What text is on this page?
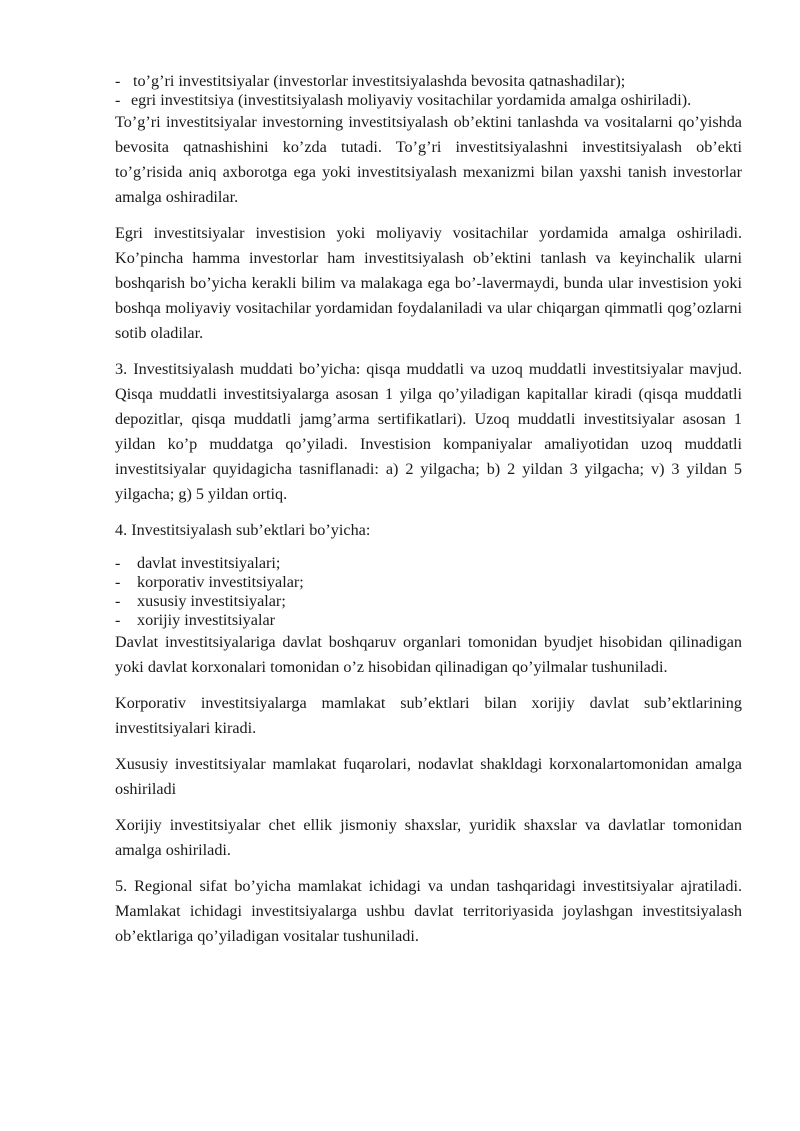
- to’g’ri investitsiyalar (investorlar investitsiyalashda bevosita qatnashadilar);

- egri investitsiya (investitsiyalash moliyaviy vositachilar yordamida amalga oshiriladi).

To’g’ri investitsiyalar investorning investitsiyalash ob’ektini tanlashda va vositalarni qo’yishda bevosita qatnashishini ko’zda tutadi. To’g’ri investitsiyalashni investitsiyalash ob’ekti to’g’risida aniq axborotga ega yoki investitsiyalash mexanizmi bilan yaxshi tanish investorlar amalga oshiradilar.

Egri investitsiyalar investision yoki moliyaviy vositachilar yordamida amalga oshiriladi. Ko’pincha hamma investorlar ham investitsiyalash ob’ektini tanlash va keyinchalik ularni boshqarish bo’yicha kerakli bilim va malakaga ega bo’-lavermaydi, bunda ular investision yoki boshqa moliyaviy vositachilar yordamidan foydalaniladi va ular chiqargan qimmatli qog’ozlarni sotib oladilar.

3. Investitsiyalash muddati bo’yicha: qisqa muddatli va uzoq muddatli investitsiyalar mavjud. Qisqa muddatli investitsiyalarga asosan 1 yilga qo’yiladigan kapitallar kiradi (qisqa muddatli depozitlar, qisqa muddatli jamg’arma sertifikatlari). Uzoq muddatli investitsiyalar asosan 1 yildan ko’p muddatga qo’yiladi. Investision kompaniyalar amaliyotidan uzoq muddatli investitsiyalar quyidagicha tasniflanadi: a) 2 yilgacha; b) 2 yildan 3 yilgacha; v) 3 yildan 5 yilgacha; g) 5 yildan ortiq.

4. Investitsiyalash sub’ektlari bo’yicha:

- davlat investitsiyalari;

- korporativ investitsiyalar;

- xususiy investitsiyalar;

- xorijiy investitsiyalar

Davlat investitsiyalariga davlat boshqaruv organlari tomonidan byudjet hisobidan qilinadigan yoki davlat korxonalari tomonidan o’z hisobidan qilinadigan qo’yilmalar tushuniladi.

Korporativ investitsiyalarga mamlakat sub’ektlari bilan xorijiy davlat sub’ektlarining investitsiyalari kiradi.

Xususiy investitsiyalar mamlakat fuqarolari, nodavlat shakldagi korxonalartomonidan amalga oshiriladi

Xorijiy investitsiyalar chet ellik jismoniy shaxslar, yuridik shaxslar va davlatlar tomonidan amalga oshiriladi.

5. Regional sifat bo’yicha mamlakat ichidagi va undan tashqaridagi investitsiyalar ajratiladi. Mamlakat ichidagi investitsiyalarga ushbu davlat territoriyasida joylashgan investitsiyalash ob’ektlariga qo’yiladigan vositalar tushuniladi.
